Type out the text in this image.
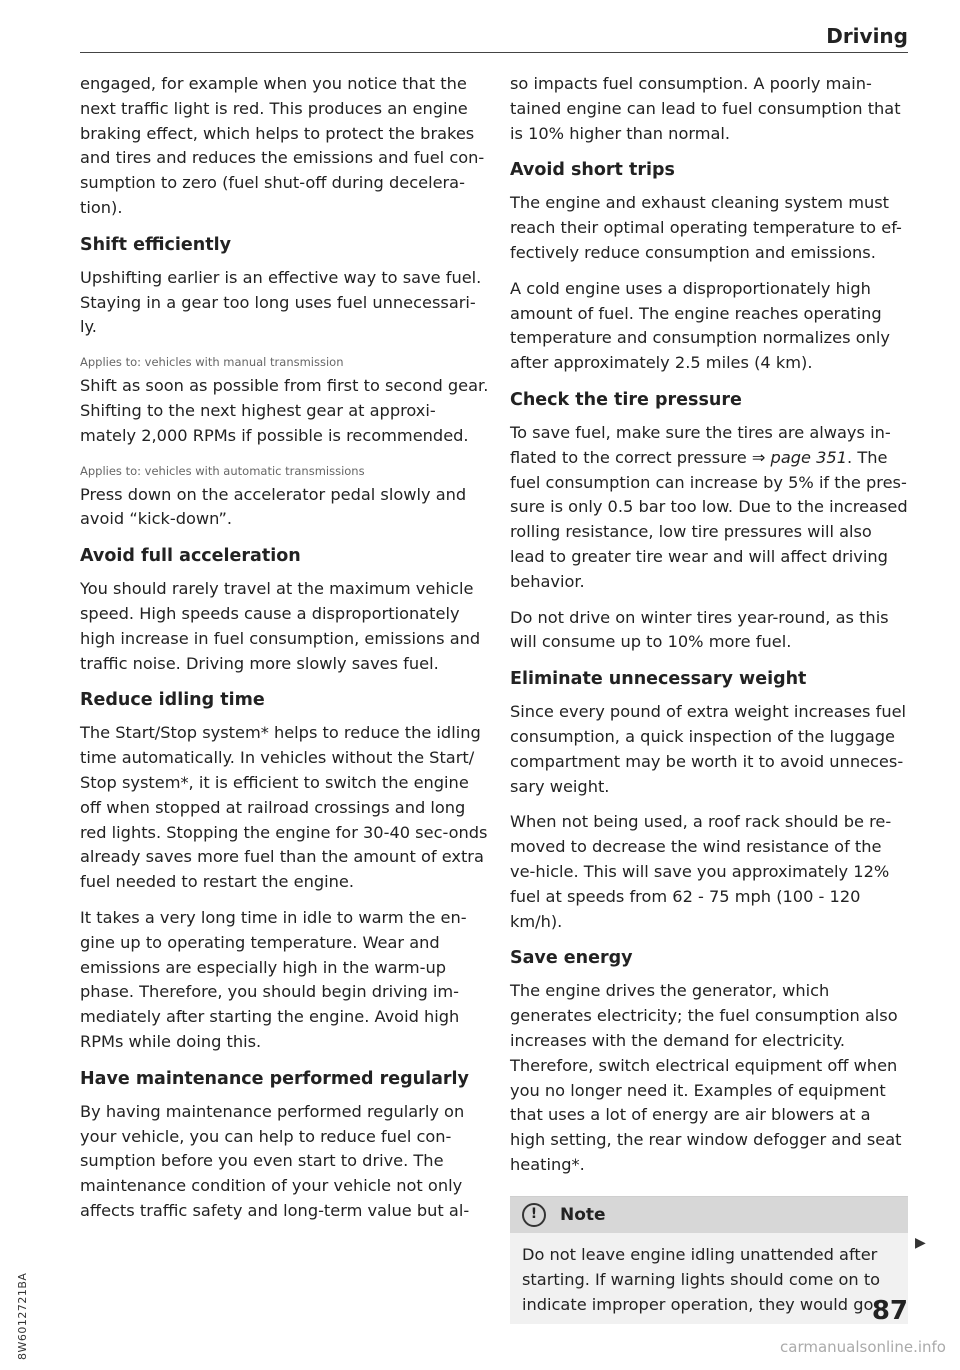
Driving

engaged, for example when you notice that the next traffic light is red. This produces an engine braking effect, which helps to protect the brakes and tires and reduces the emissions and fuel con-sumption to zero (fuel shut-off during decelera-tion).

Shift efficiently

Upshifting earlier is an effective way to save fuel. Staying in a gear too long uses fuel unnecessari-ly.

Applies to: vehicles with manual transmission

Shift as soon as possible from first to second gear. Shifting to the next highest gear at approxi-mately 2,000 RPMs if possible is recommended.

Applies to: vehicles with automatic transmissions

Press down on the accelerator pedal slowly and avoid “kick-down”.

Avoid full acceleration

You should rarely travel at the maximum vehicle speed. High speeds cause a disproportionately high increase in fuel consumption, emissions and traffic noise. Driving more slowly saves fuel.

Reduce idling time

The Start/Stop system* helps to reduce the idling time automatically. In vehicles without the Start/ Stop system*, it is efficient to switch the engine off when stopped at railroad crossings and long red lights. Stopping the engine for 30-40 sec-onds already saves more fuel than the amount of extra fuel needed to restart the engine.

It takes a very long time in idle to warm the en-gine up to operating temperature. Wear and emissions are especially high in the warm-up phase. Therefore, you should begin driving im-mediately after starting the engine. Avoid high RPMs while doing this.

Have maintenance performed regularly

By having maintenance performed regularly on your vehicle, you can help to reduce fuel con-sumption before you even start to drive. The maintenance condition of your vehicle not only affects traffic safety and long-term value but al-

so impacts fuel consumption. A poorly main-tained engine can lead to fuel consumption that is 10% higher than normal.

Avoid short trips

The engine and exhaust cleaning system must reach their optimal operating temperature to ef-fectively reduce consumption and emissions.

A cold engine uses a disproportionately high amount of fuel. The engine reaches operating temperature and consumption normalizes only after approximately 2.5 miles (4 km).

Check the tire pressure

To save fuel, make sure the tires are always in-flated to the correct pressure ⇒ page 351. The fuel consumption can increase by 5% if the pres-sure is only 0.5 bar too low. Due to the increased rolling resistance, low tire pressures will also lead to greater tire wear and will affect driving behavior.

Do not drive on winter tires year-round, as this will consume up to 10% more fuel.

Eliminate unnecessary weight

Since every pound of extra weight increases fuel consumption, a quick inspection of the luggage compartment may be worth it to avoid unneces-sary weight.

When not being used, a roof rack should be re-moved to decrease the wind resistance of the ve-hicle. This will save you approximately 12% fuel at speeds from 62 - 75 mph (100 - 120 km/h).

Save energy

The engine drives the generator, which generates electricity; the fuel consumption also increases with the demand for electricity. Therefore, switch electrical equipment off when you no longer need it. Examples of equipment that uses a lot of energy are air blowers at a high setting, the rear window defogger and seat heating*.

!	Note

Do not leave engine idling unattended after starting. If warning lights should come on to indicate improper operation, they would go

▶
87
8W6012721BA	carmanualsonline.info
